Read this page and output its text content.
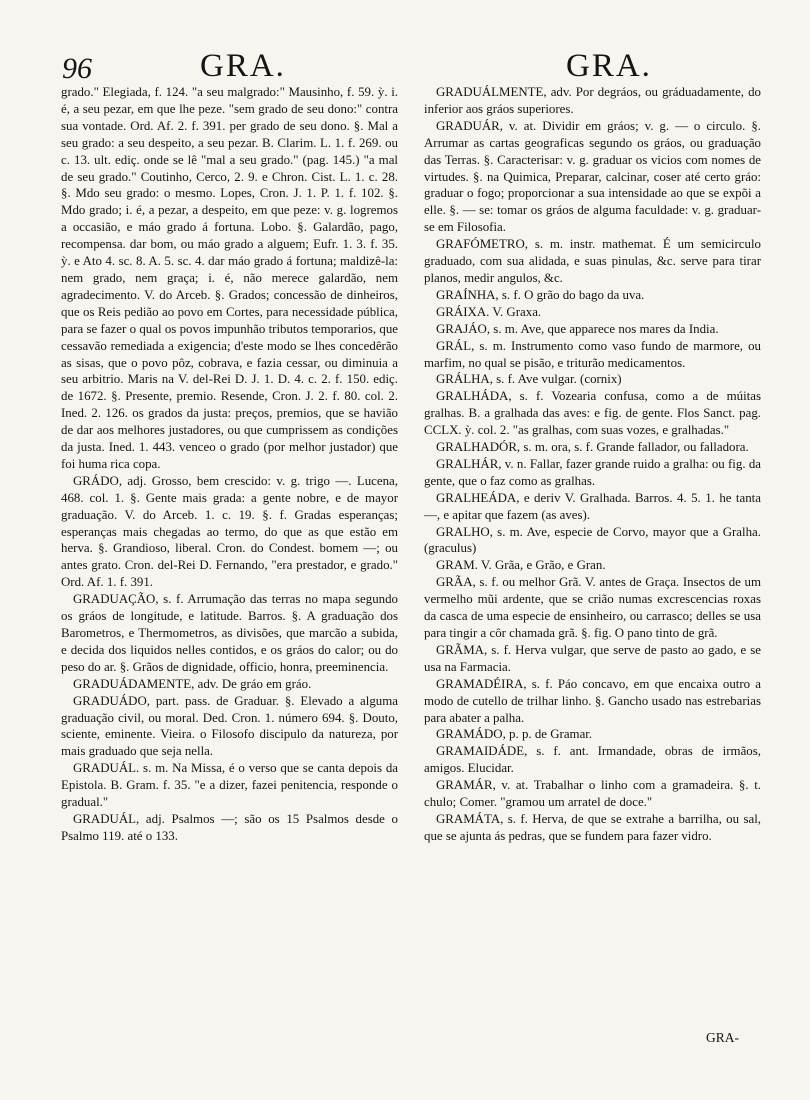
96	GRA.	GRA.

grado." Elegiada, f. 124. "a seu malgrado:" Mausinho, f. 59. ỳ. i. é, a seu pezar, em que lhe peze. "sem grado de seu dono:" contra sua vontade. Ord. Af. 2. f. 391. per grado de seu dono. §. Mal a seu grado: a seu despeito, a seu pezar. B. Clarim. L. 1. f. 269. ou c. 13. ult. ediç. onde se lê "mal a seu grado." (pag. 145.) "a mal de seu grado." Coutinho, Cerco, 2. 9. e Chron. Cist. L. 1. c. 28. §. Mdo seu grado: o mesmo. Lopes, Cron. J. 1. P. 1. f. 102. §. Mdo grado; i. é, a pezar, a despeito, em que peze: v. g. logremos a occasião, e máo grado á fortuna. Lobo. §. Galardão, pago, recompensa. dar bom, ou máo grado a alguem; Eufr. 1. 3. f. 35. ỳ. e Ato 4. sc. 8. A. 5. sc. 4. dar máo grado á fortuna; maldizê-la: nem grado, nem graça; i. é, não merece galardão, nem agradecimento. V. do Arceb. §. Grados; concessão de dinheiros, que os Reis pedião ao povo em Cortes, para necessidade pública, para se fazer o qual os povos impunhão tributos temporarios, que cessavão remediada a exigencia; d'este modo se lhes concedêrão as sisas, que o povo pôz, cobrava, e fazia cessar, ou diminuia a seu arbitrio. Maris na V. del-Rei D. J. 1. D. 4. c. 2. f. 150. ediç. de 1672. §. Presente, premio. Resende, Cron. J. 2. f. 80. col. 2. Ined. 2. 126. os grados da justa: preços, premios, que se havião de dar aos melhores justadores, ou que cumprissem as condições da justa. Ined. 1. 443. venceo o grado (por melhor justador) que foi huma rica copa.

GRÁDO, adj. Grosso, bem crescido: v. g. trigo —. Lucena, 468. col. 1. §. Gente mais grada: a gente nobre, e de mayor graduação. V. do Arceb. 1. c. 19. §. f. Gradas esperanças; esperanças mais chegadas ao termo, do que as que estão em herva. §. Grandioso, liberal. Cron. do Condest. bomem —; ou antes grato. Cron. del-Rei D. Fernando, "era prestador, e grado." Ord. Af. 1. f. 391.

GRADUAÇÃO, s. f. Arrumação das terras no mapa segundo os gráos de longitude, e latitude. Barros. §. A graduação dos Barometros, e Thermometros, as divisões, que marcão a subida, e decida dos liquidos nelles contidos, e os gráos do calor; ou do peso do ar. §. Grãos de dignidade, officio, honra, preeminencia.

GRADUÁDAMENTE, adv. De gráo em gráo.

GRADUÁDO, part. pass. de Graduar. §. Elevado a alguma graduação civil, ou moral. Ded. Cron. 1. número 694. §. Douto, sciente, eminente. Vieira. o Filosofo discipulo da natureza, por mais graduado que seja nella.

GRADUÁL. s. m. Na Missa, é o verso que se canta depois da Epistola. B. Gram. f. 35. "e a dizer, fazei penitencia, responde o gradual."

GRADUÁL, adj. Psalmos —; são os 15 Psalmos desde o Psalmo 119. até o 133.

GRADUÁLMENTE, adv. Por degráos, ou gráduadamente, do inferior aos gráos superiores.

GRADUÁR, v. at. Dividir em gráos; v. g. — o circulo. §. Arrumar as cartas geograficas segundo os gráos, ou graduação das Terras. §. Caracterisar: v. g. graduar os vicios com nomes de virtudes. §. na Quimica, Preparar, calcinar, coser até certo gráo: graduar o fogo; proporcionar a sua intensidade ao que se expõi a elle. §. — se: tomar os gráos de alguma faculdade: v. g. graduar-se em Filosofia.

GRAFÓMETRO, s. m. instr. mathemat. É um semicirculo graduado, com sua alidada, e suas pinulas, &c. serve para tirar planos, medir angulos, &c.

GRAÍNHA, s. f. O grão do bago da uva.

GRÁIXA. V. Graxa.

GRAJÁO, s. m. Ave, que apparece nos mares da India.

GRÁL, s. m. Instrumento como vaso fundo de marmore, ou marfim, no qual se pisão, e triturão medicamentos.

GRÁLHA, s. f. Ave vulgar. (cornix)

GRALHÁDA, s. f. Vozearia confusa, como a de múitas gralhas. B. a gralhada das aves: e fig. de gente. Flos Sanct. pag. CCLX. ỳ. col. 2. "as gralhas, com suas vozes, e gralhadas."

GRALHADÓR, s. m. ora, s. f. Grande fallador, ou falladora.

GRALHÁR, v. n. Fallar, fazer grande ruido a gralha: ou fig. da gente, que o faz como as gralhas.

GRALHEÁDA, e deriv V. Gralhada. Barros. 4. 5. 1. he tanta —, e apitar que fazem (as aves).

GRALHO, s. m. Ave, especie de Corvo, mayor que a Gralha. (graculus)

GRAM. V. Grãa, e Grão, e Gran.

GRÃA, s. f. ou melhor Grã. V. antes de Graça. Insectos de um vermelho mũi ardente, que se crião numas excrescencias roxas da casca de uma especie de ensinheiro, ou carrasco; delles se usa para tingir a côr chamada grã. §. fig. O pano tinto de grã.

GRÃMA, s. f. Herva vulgar, que serve de pasto ao gado, e se usa na Farmacia.

GRAMADÉIRA, s. f. Páo concavo, em que encaixa outro a modo de cutello de trilhar linho. §. Gancho usado nas estrebarias para abater a palha.

GRAMÁDO, p. p. de Gramar.

GRAMAIDÁDE, s. f. ant. Irmandade, obras de irmãos, amigos. Elucidar.

GRAMÁR, v. at. Trabalhar o linho com a gramadeira. §. t. chulo; Comer. "gramou um arratel de doce."

GRAMÁTA, s. f. Herva, de que se extrahe a barrilha, ou sal, que se ajunta ás pedras, que se fundem para fazer vidro.

GRA-
